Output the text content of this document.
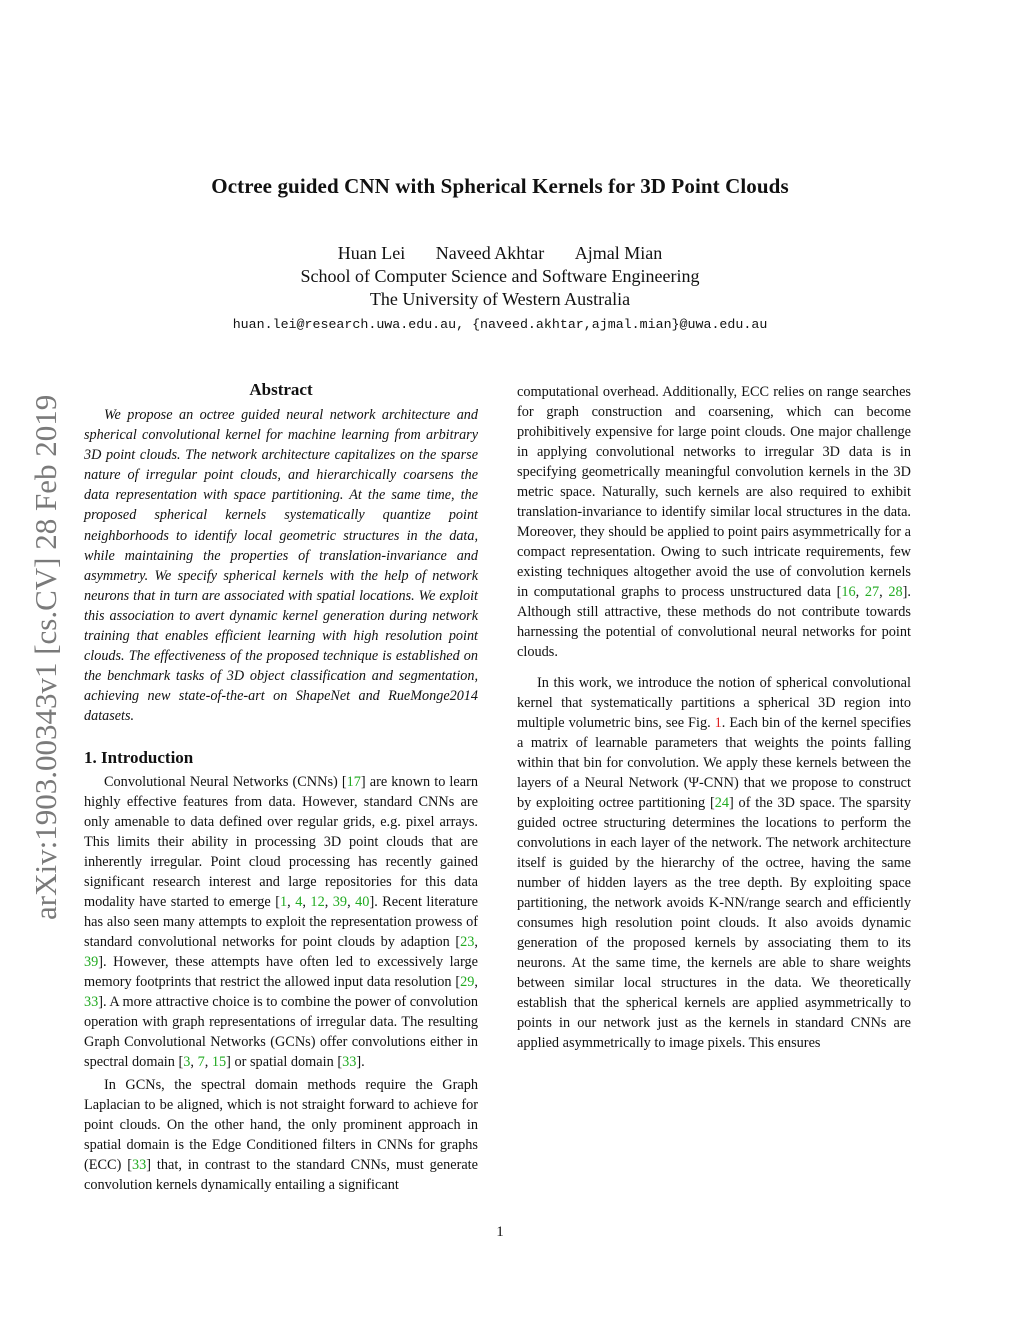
arXiv:1903.00343v1 [cs.CV] 28 Feb 2019
Octree guided CNN with Spherical Kernels for 3D Point Clouds
Huan Lei Naveed Akhtar Ajmal Mian
School of Computer Science and Software Engineering
The University of Western Australia
huan.lei@research.uwa.edu.au, {naveed.akhtar,ajmal.mian}@uwa.edu.au
Abstract
We propose an octree guided neural network architecture and spherical convolutional kernel for machine learning from arbitrary 3D point clouds. The network architecture capitalizes on the sparse nature of irregular point clouds, and hierarchically coarsens the data representation with space partitioning. At the same time, the proposed spherical kernels systematically quantize point neighborhoods to identify local geometric structures in the data, while maintaining the properties of translation-invariance and asymmetry. We specify spherical kernels with the help of network neurons that in turn are associated with spatial locations. We exploit this association to avert dynamic kernel generation during network training that enables efficient learning with high resolution point clouds. The effectiveness of the proposed technique is established on the benchmark tasks of 3D object classification and segmentation, achieving new state-of-the-art on ShapeNet and RueMonge2014 datasets.
1. Introduction

Convolutional Neural Networks (CNNs) [17] are known to learn highly effective features from data. However, standard CNNs are only amenable to data defined over regular grids, e.g. pixel arrays. This limits their ability in processing 3D point clouds that are inherently irregular. Point cloud processing has recently gained significant research interest and large repositories for this data modality have started to emerge [1, 4, 12, 39, 40]. Recent literature has also seen many attempts to exploit the representation prowess of standard convolutional networks for point clouds by adaption [23, 39]. However, these attempts have often led to excessively large memory footprints that restrict the allowed input data resolution [29, 33]. A more attractive choice is to combine the power of convolution operation with graph representations of irregular data. The resulting Graph Convolutional Networks (GCNs) offer convolutions either in spectral domain [3, 7, 15] or spatial domain [33].

In GCNs, the spectral domain methods require the Graph Laplacian to be aligned, which is not straight forward to achieve for point clouds. On the other hand, the only prominent approach in spatial domain is the Edge Conditioned filters in CNNs for graphs (ECC) [33] that, in contrast to the standard CNNs, must generate convolution kernels dynamically entailing a significant

computational overhead. Additionally, ECC relies on range searches for graph construction and coarsening, which can become prohibitively expensive for large point clouds. One major challenge in applying convolutional networks to irregular 3D data is in specifying geometrically meaningful convolution kernels in the 3D metric space. Naturally, such kernels are also required to exhibit translation-invariance to identify similar local structures in the data. Moreover, they should be applied to point pairs asymmetrically for a compact representation. Owing to such intricate requirements, few existing techniques altogether avoid the use of convolution kernels in computational graphs to process unstructured data [16, 27, 28]. Although still attractive, these methods do not contribute towards harnessing the potential of convolutional neural networks for point clouds.

In this work, we introduce the notion of spherical convolutional kernel that systematically partitions a spherical 3D region into multiple volumetric bins, see Fig. 1. Each bin of the kernel specifies a matrix of learnable parameters that weights the points falling within that bin for convolution. We apply these kernels between the layers of a Neural Network (Ψ-CNN) that we propose to construct by exploiting octree partitioning [24] of the 3D space. The sparsity guided octree structuring determines the locations to perform the convolutions in each layer of the network. The network architecture itself is guided by the hierarchy of the octree, having the same number of hidden layers as the tree depth. By exploiting space partitioning, the network avoids K-NN/range search and efficiently consumes high resolution point clouds. It also avoids dynamic generation of the proposed kernels by associating them to its neurons. At the same time, the kernels are able to share weights between similar local structures in the data. We theoretically establish that the spherical kernels are applied asymmetrically to points in our network just as the kernels in standard CNNs are applied asymmetrically to image pixels. This ensures

1
